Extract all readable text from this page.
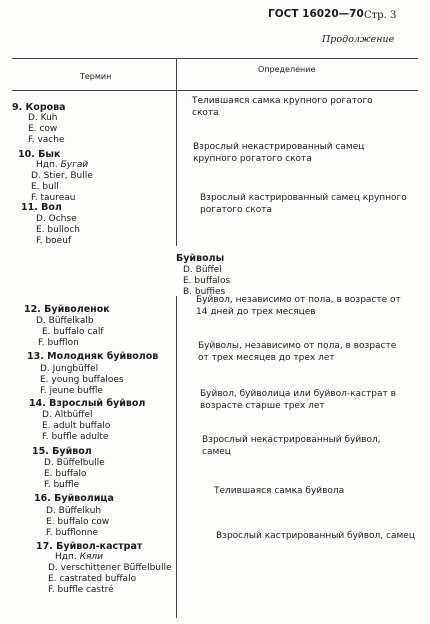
ГОСТ 16020—70 Стр. 3
Продолжение
Термин
Определение
9. Корова
D. Kuh
E. cow
F. vache
Телившаяся самка крупного рогатого скота
10. Бык
Ндп. Бугай
D. Stier, Bulle
E. bull
F. taureau
Взрослый некастрированный самец крупного рогатого скота
11. Вол
D. Ochse
E. bulloch
F. boeuf
Взрослый кастрированный самец крупного рогатого скота
Буйволы
D. Büffel
E. buffalos
B. buffies
12. Буйволенок
D. Büffelkalb
E. buffalo calf
F. bufflon
Буйвол, независимо от пола, в возрасте от 14 дней до трех месяцев
13. Молодняк буйволов
D. Jungbüffel
E. young buffaloes
F. jeune buffle
Буйволы, независимо от пола, в возрасте от трех месяцев до трех лет
14. Взрослый буйвол
D. Altbüffel
E. adult buffalo
F. buffle adulte
Буйвол, буйволица или буйвол-кастрат в возрасте старше трех лет
15. Буйвол
D. Büffelbulle
E. buffalo
F. buffle
Взрослый некастрированный буйвол, самец
16. Буйволица
D. Büffelkuh
E. buffalo cow
F. bufflonne
Телившаяся самка буйвола
17. Буйвол-кастрат
Ндп. Кяли
D. verschittener Büffelbulle
E. castrated buffalo
F. buffle castré
Взрослый кастрированный буйвол, самец
